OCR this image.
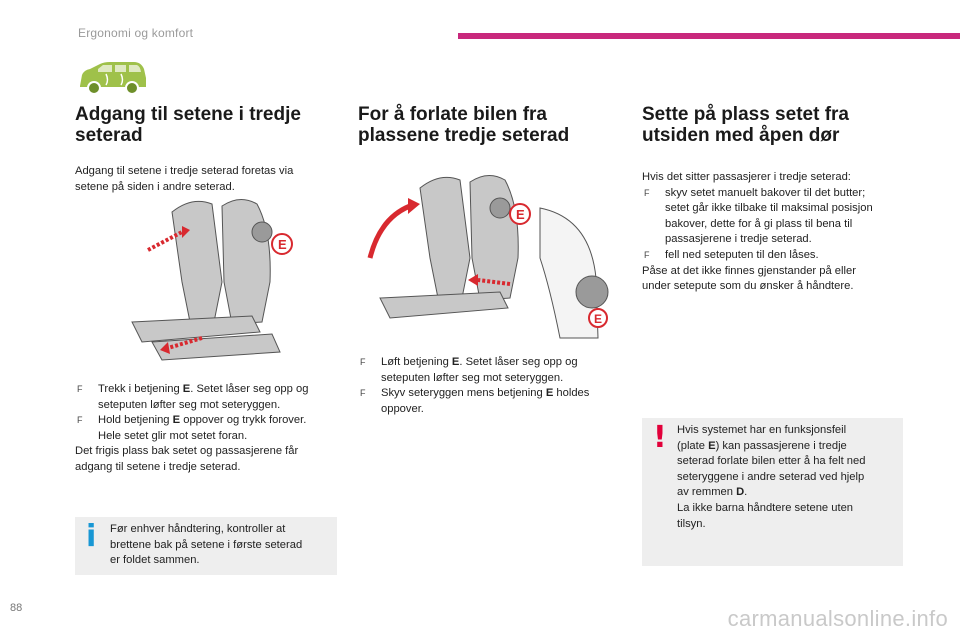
Ergonomi og komfort
Adgang til setene i tredje
seterad

Adgang til setene i tredje seterad foretas via
setene på siden i andre seterad.

E
F Trekk i betjening E. Setet låser seg opp og
seteputen løfter seg mot seteryggen.
F Hold betjening E oppover og trykk forover.
Hele setet glir mot setet foran.

Det frigis plass bak setet og passasjerene får
adgang til setene i tredje seterad.

i Før enhver håndtering, kontroller at
brettene bak på setene i første seterad
er foldet sammen.
For å forlate bilen fra
plassene tredje seterad
E
E
F Løft betjening E. Setet låser seg opp og
seteputen løfter seg mot seteryggen.
F Skyv seteryggen mens betjening E holdes
oppover.
Sette på plass setet fra
utsiden med åpen dør

Hvis det sitter passasjerer i tredje seterad:

F skyv setet manuelt bakover til det butter;
setet går ikke tilbake til maksimal posisjon
bakover, dette for å gi plass til bena til
passasjerene i tredje seterad.
F fell ned seteputen til den låses.

Påse at det ikke finnes gjenstander på eller
under setepute som du ønsker å håndtere.

! Hvis systemet har en funksjonsfeil
(plate E) kan passasjerene i tredje
seterad forlate bilen etter å ha felt ned
seteryggene i andre seterad ved hjelp
av remmen D.
La ikke barna håndtere setene uten
tilsyn.
88	carmanualsonline.info
